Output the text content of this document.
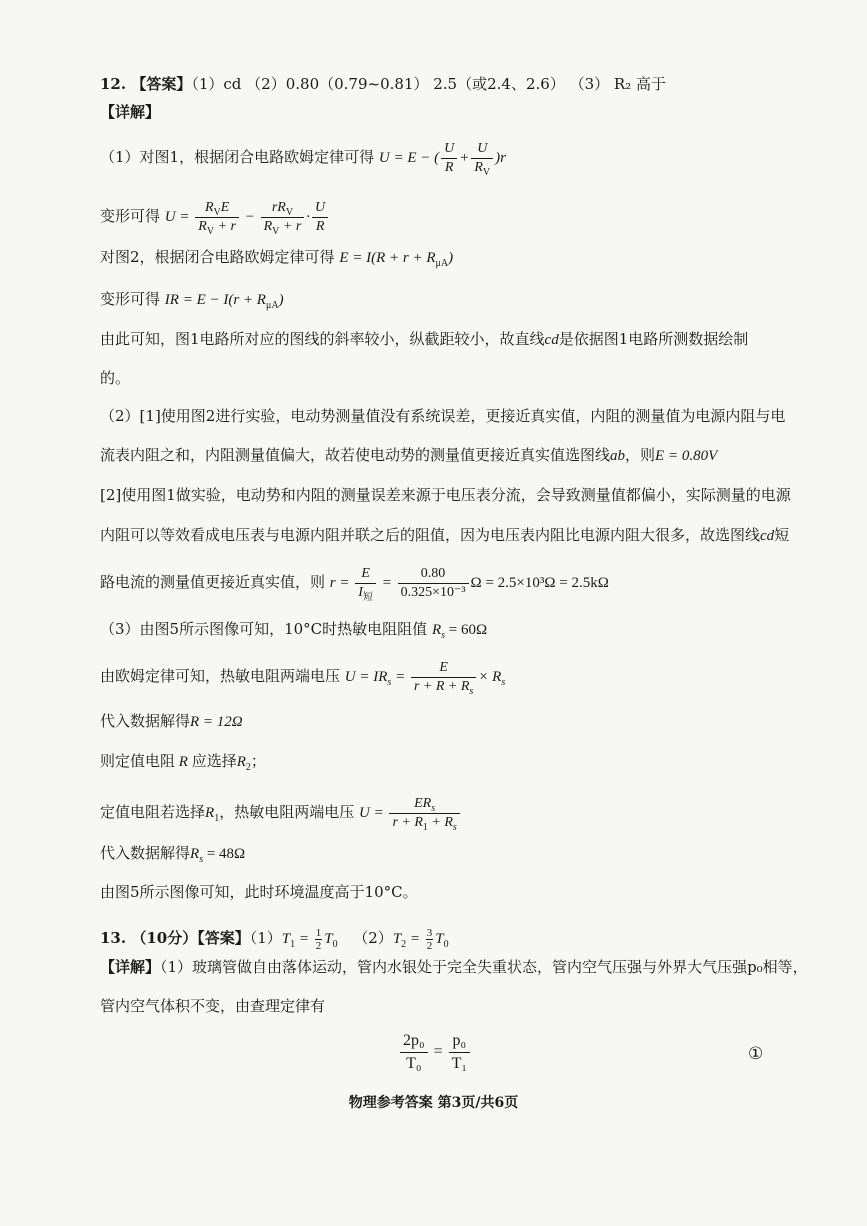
12. 【答案】（1）cd （2）0.80（0.79~0.81） 2.5（或2.4、2.6） （3） R₂ 高于
【详解】
（1）对图1，根据闭合电路欧姆定律可得 U = E − ( $\frac{U}{R} + \frac{U}{R_V} )r$
变形可得 $U = \frac{R_VE}{R_V + r} - \frac{rR_V}{R_V + r} \cdot \frac{U}{R}$
对图2，根据闭合电路欧姆定律可得 $E = I(R + r + R_{\mu A})$
变形可得 IR = $E - I(r + R_{\mu A})$
由此可知，图1电路所对应的图线的斜率较小，纵截距较小，故直线cd是依据图1电路所测数据绘制
的。
（2）[1]使用图2进行实验，电动势测量值没有系统误差，更接近真实值，内阻的测量值为电源内阻与电
流表内阻之和，内阻测量值偏大，故若使电动势的测量值更接近真实值选图线ab，则E = 0.80V
[2]使用图1做实验，电动势和内阻的测量误差来源于电压表分流，会导致测量值都偏小，实际测量的电源
内阻可以等效看成电压表与电源内阻并联之后的阻值，因为电压表内阻比电源内阻大很多，故选图线cd短
路电流的测量值更接近真实值，则 $r = \frac{E}{I_短} = \frac{0.80}{\text{0.325×10⁻³}}$ Ω = 2.5×10³Ω = 2.5kΩ
（3）由图5所示图像可知，10°C时热敏电阻阻值 $R_s = 60\Omega$
由欧姆定律可知，热敏电阻两端电压 $U = IR_s = \frac{E}{r + R + R_s} \times R_s$
代入数据解得R = 12Ω
则定值电阻 R 应选择$R_2$；
定值电阻若选择$R_1$，热敏电阻两端电压 $U = \frac{ER_s}{r + R_1 + R_s}$
代入数据解得$R_s = 48\Omega$
由图5所示图像可知，此时环境温度高于10°C。
13. （10分）【答案】$(1)T_1 = \frac{1}{2} T_0$ $(2)T_2 = \frac{3}{2} T_0$
【详解】（1）玻璃管做自由落体运动，管内水银处于完全失重状态，管内空气压强与外界大气压强p₀相等，
管内空气体积不变，由查理定律有
$\frac{\text{2p₀}}{\text{T₀}} = \frac{\text{p₀}}{\text{T₁}}$	①
物理参考答案 第3页/共6页
